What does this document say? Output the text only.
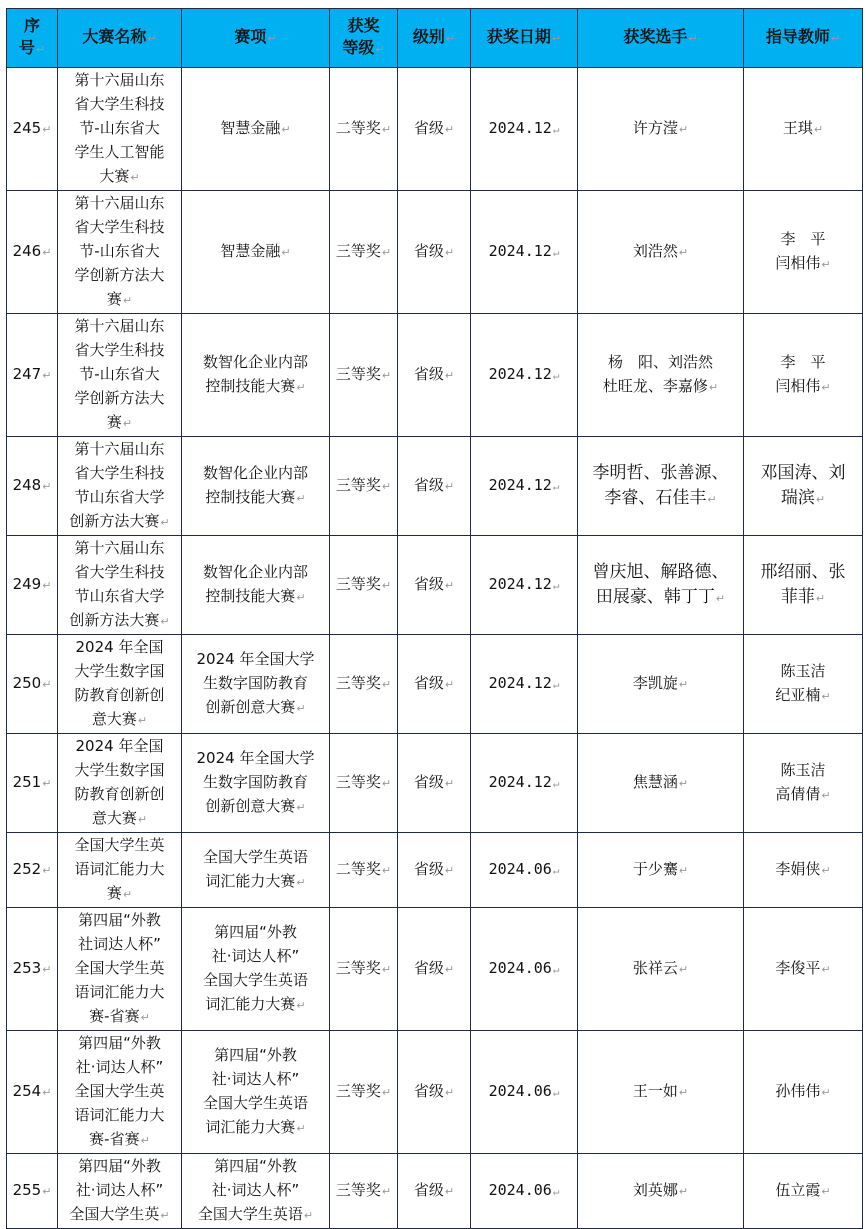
序
号↵	大赛名称↵	赛项↵	获奖
等级↵	级别↵	获奖日期↵	获奖选手↵	指导教师↵
245↵	第十六届山东
省大学生科技
节-山东省大
学生人工智能
大赛↵	智慧金融↵	二等奖↵	省级↵	2024.12↵	许方滢↵	王琪↵

246↵	第十六届山东
省大学生科技
节-山东省大
学创新方法大
赛↵	智慧金融↵	三等奖↵	省级↵	2024.12↵	刘浩然↵	李　平
闫相伟↵

247↵	第十六届山东
省大学生科技
节-山东省大
学创新方法大
赛↵	数智化企业内部
控制技能大赛↵	三等奖↵	省级↵	2024.12↵	杨　阳、刘浩然
杜旺龙、李嘉修↵	李　平
闫相伟↵

248↵	第十六届山东
省大学生科技
节山东省大学
创新方法大赛↵	数智化企业内部
控制技能大赛↵	三等奖↵	省级↵	2024.12↵	李明哲、张善源、
李睿、石佳丰↵	邓国涛、刘
瑞滨↵

249↵	第十六届山东
省大学生科技
节山东省大学
创新方法大赛↵	数智化企业内部
控制技能大赛↵	三等奖↵	省级↵	2024.12↵	曾庆旭、解路德、
田展豪、韩丁丁↵	邢绍丽、张
菲菲↵

250↵	2024 年全国
大学生数字国
防教育创新创
意大赛↵	2024 年全国大学
生数字国防教育
创新创意大赛↵	三等奖↵	省级↵	2024.12↵	李凯旋↵	陈玉洁
纪亚楠↵

251↵	2024 年全国
大学生数字国
防教育创新创
意大赛↵	2024 年全国大学
生数字国防教育
创新创意大赛↵	三等奖↵	省级↵	2024.12↵	焦慧涵↵	陈玉洁
高倩倩↵

252↵	全国大学生英
语词汇能力大
赛↵	全国大学生英语
词汇能力大赛↵	二等奖↵	省级↵	2024.06↵	于少騫↵	李娟侠↵

253↵	第四届“外教
社词达人杯”
全国大学生英
语词汇能力大
赛-省赛↵	第四届“外教
社·词达人杯”
全国大学生英语
词汇能力大赛↵	三等奖↵	省级↵	2024.06↵	张祥云↵	李俊平↵

254↵	第四届“外教
社·词达人杯”
全国大学生英
语词汇能力大
赛-省赛↵	第四届“外教
社·词达人杯”
全国大学生英语
词汇能力大赛↵	三等奖↵	省级↵	2024.06↵	王一如↵	孙伟伟↵

255↵	第四届“外教
社·词达人杯”
全国大学生英↵	第四届“外教
社·词达人杯”
全国大学生英语↵	三等奖↵	省级↵	2024.06↵	刘英娜↵	伍立霞↵
